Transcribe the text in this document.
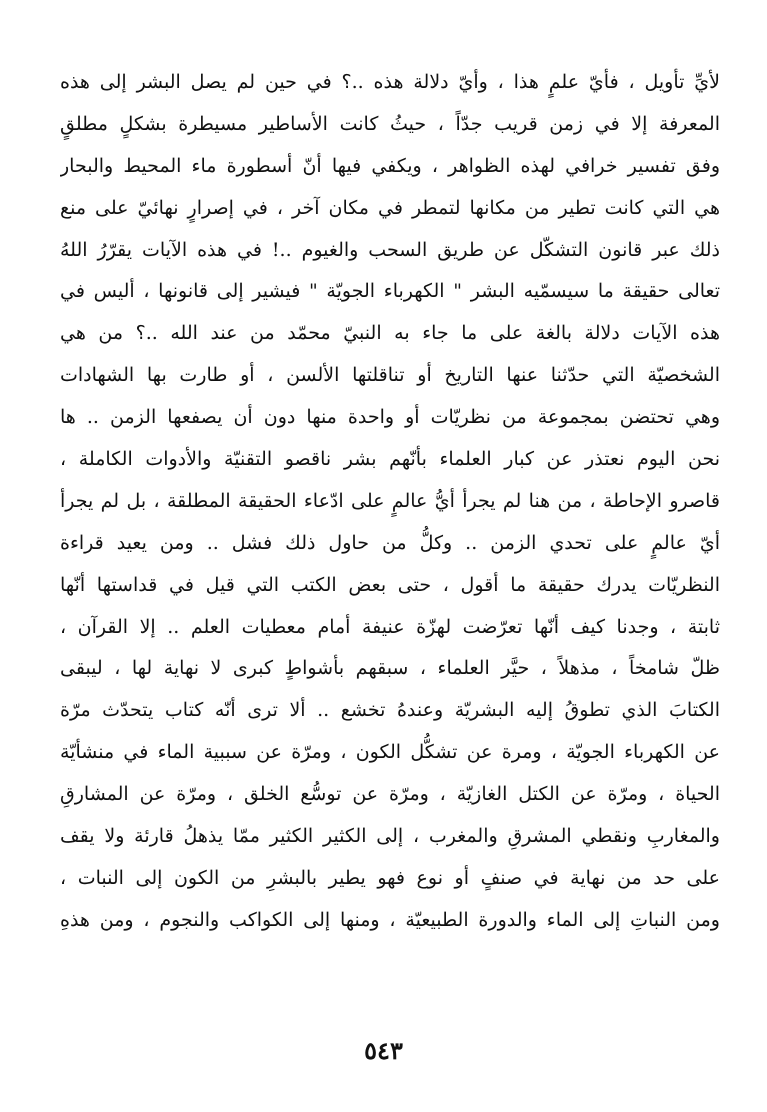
لأيِّ تأويل ، فأيّ علمٍ هذا ، وأيّ دلالة هذه ..؟ في حين لم يصل البشر إلى هذه
المعرفة إلا في زمن قريب جدّاً ، حيثُ كانت الأساطير مسيطرة بشكلٍ مطلقٍ
وفق تفسير خرافي لهذه الظواهر ، ويكفي فيها أنّ أسطورة ماء المحيط والبحار
هي التي كانت تطير من مكانها لتمطر في مكان آخر ، في إصرارٍ نهائيّ على منع
ذلك عبر قانون التشكّل عن طريق السحب والغيوم ..! في هذه الآيات يقرّرُ اللهُ
تعالى حقيقة ما سيسمّيه البشر " الكهرباء الجويّة " فيشير إلى قانونها ، أليس في
هذه الآيات دلالة بالغة على ما جاء به النبيّ محمّد من عند الله ..؟ من هي
الشخصيّة التي حدّثنا عنها التاريخ أو تناقلتها الألسن ، أو طارت بها الشهادات
وهي تحتضن بمجموعة من نظريّات أو واحدة منها دون أن يصفعها الزمن .. ها
نحن اليوم نعتذر عن كبار العلماء بأنّهم بشر ناقصو التقنيّة والأدوات الكاملة ،
قاصرو الإحاطة ، من هنا لم يجرأ أيُّ عالمٍ على ادّعاء الحقيقة المطلقة ، بل لم يجرأ
أيّ عالمٍ على تحدي الزمن .. وكلُّ من حاول ذلك فشل .. ومن يعيد قراءة
النظريّات يدرك حقيقة ما أقول ، حتى بعض الكتب التي قيل في قداستها أنّها
ثابتة ، وجدنا كيف أنّها تعرّضت لهزّة عنيفة أمام معطيات العلم .. إلا القرآن ،
ظلّ شامخاً ، مذهلاً ، حيَّر العلماء ، سبقهم بأشواطٍ كبرى لا نهاية لها ، ليبقى
الكتابَ الذي تطوقُ إليه البشريّة وعندهُ تخشع .. ألا ترى أنّه كتاب يتحدّث مرّة
عن الكهرباء الجويّة ، ومرة عن تشكُّل الكون ، ومرّة عن سببية الماء في منشأيّة
الحياة ، ومرّة عن الكتل الغازيّة ، ومرّة عن توسُّع الخلق ، ومرّة عن المشارقِ
والمغاربِ ونقطي المشرقِ والمغرب ، إلى الكثير الكثير ممّا يذهلُ قارئة ولا يقف
على حد من نهاية في صنفٍ أو نوع فهو يطير بالبشرِ من الكون إلى النبات ،
ومن النباتِ إلى الماء والدورة الطبيعيّة ، ومنها إلى الكواكب والنجوم ، ومن هذهِ
٥٤٣
